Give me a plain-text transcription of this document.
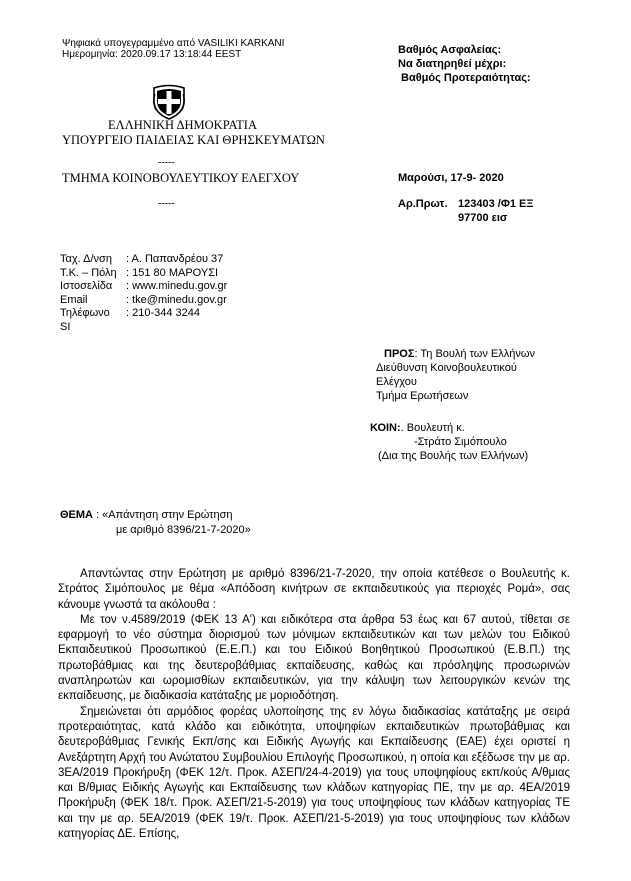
Ψηφιακά υπογεγραμμένο από VASILIKI KARKANI
Ημερομηνία: 2020.09.17 13:18:44 EEST	Βαθμός Ασφαλείας:
Να διατηρηθεί μέχρι:
Βαθμός Προτεραιότητας:
ΕΛΛΗΝΙΚΗ ΔΗΜΟΚΡΑΤΙΑ
ΥΠΟΥΡΓΕΙΟ ΠΑΙΔΕΙΑΣ ΚΑΙ ΘΡΗΣΚΕΥΜΑΤΩΝ
-----
ΤΜΗΜΑ ΚΟΙΝΟΒΟΥΛΕΥΤΙΚΟΥ ΕΛΕΓΧΟΥ
-----
Μαρούσι, 17-9- 2020
Αρ.Πρωτ. 123403 /Φ1 ΕΞ
97700 εισ
Ταχ. Δ/νση : Α. Παπανδρέου 37
Τ.Κ. – Πόλη : 151 80 ΜΑΡΟΥΣΙ
Ιστοσελίδα : www.minedu.gov.gr
Email	: tke@minedu.gov.gr
Τηλέφωνο : 210-344 3244
SI
ΠΡΟΣ: Τη Βουλή των Ελλήνων
Διεύθυνση Κοινοβουλευτικού
Ελέγχου
Τμήμα Ερωτήσεων
ΚΟΙΝ:. Βουλευτή κ.
-Στράτο Σιμόπουλο
(Δια της Βουλής των Ελλήνων)
ΘΕΜΑ : «Απάντηση στην Ερώτηση
με αριθμό 8396/21-7-2020»

Απαντώντας στην Ερώτηση με αριθμό 8396/21-7-2020, την οποία κατέθεσε ο Βουλευτής κ. Στράτος Σιμόπουλος με θέμα «Απόδοση κινήτρων σε εκπαιδευτικούς για περιοχές Ρομά», σας κάνουμε γνωστά τα ακόλουθα :

Με τον ν.4589/2019 (ΦΕΚ 13 Α') και ειδικότερα στα άρθρα 53 έως και 67 αυτού, τίθεται σε εφαρμογή το νέο σύστημα διορισμού των μόνιμων εκπαιδευτικών και των μελών του Ειδικού Εκπαιδευτικού Προσωπικού (Ε.Ε.Π.) και του Ειδικού Βοηθητικού Προσωπικού (Ε.Β.Π.) της πρωτοβάθμιας και της δευτεροβάθμιας εκπαίδευσης, καθώς και πρόσληψης προσωρινών αναπληρωτών και ωρομισθίων εκπαιδευτικών, για την κάλυψη των λειτουργικών κενών της εκπαίδευσης, με διαδικασία κατάταξης με μοριοδότηση.

Σημειώνεται ότι αρμόδιος φορέας υλοποίησης της εν λόγω διαδικασίας κατάταξης με σειρά προτεραιότητας, κατά κλάδο και ειδικότητα, υποψηφίων εκπαιδευτικών πρωτοβάθμιας και δευτεροβάθμιας Γενικής Εκπ/σης και Ειδικής Αγωγής και Εκπαίδευσης (ΕΑΕ) έχει οριστεί η Ανεξάρτητη Αρχή του Ανώτατου Συμβουλίου Επιλογής Προσωπικού, η οποία και εξέδωσε την με αρ. 3ΕΑ/2019 Προκήρυξη (ΦΕΚ 12/τ. Προκ. ΑΣΕΠ/24-4-2019) για τους υποψηφίους εκπ/κούς Α/θμιας και Β/θμιας Ειδικής Αγωγής και Εκπαίδευσης των κλάδων κατηγορίας ΠΕ, την με αρ. 4ΕΑ/2019 Προκήρυξη (ΦΕΚ 18/τ. Προκ. ΑΣΕΠ/21-5-2019) για τους υποψηφίους των κλάδων κατηγορίας ΤΕ και την με αρ. 5ΕΑ/2019 (ΦΕΚ 19/τ. Προκ. ΑΣΕΠ/21-5-2019) για τους υποψηφίους των κλάδων κατηγορίας ΔΕ. Επίσης,
